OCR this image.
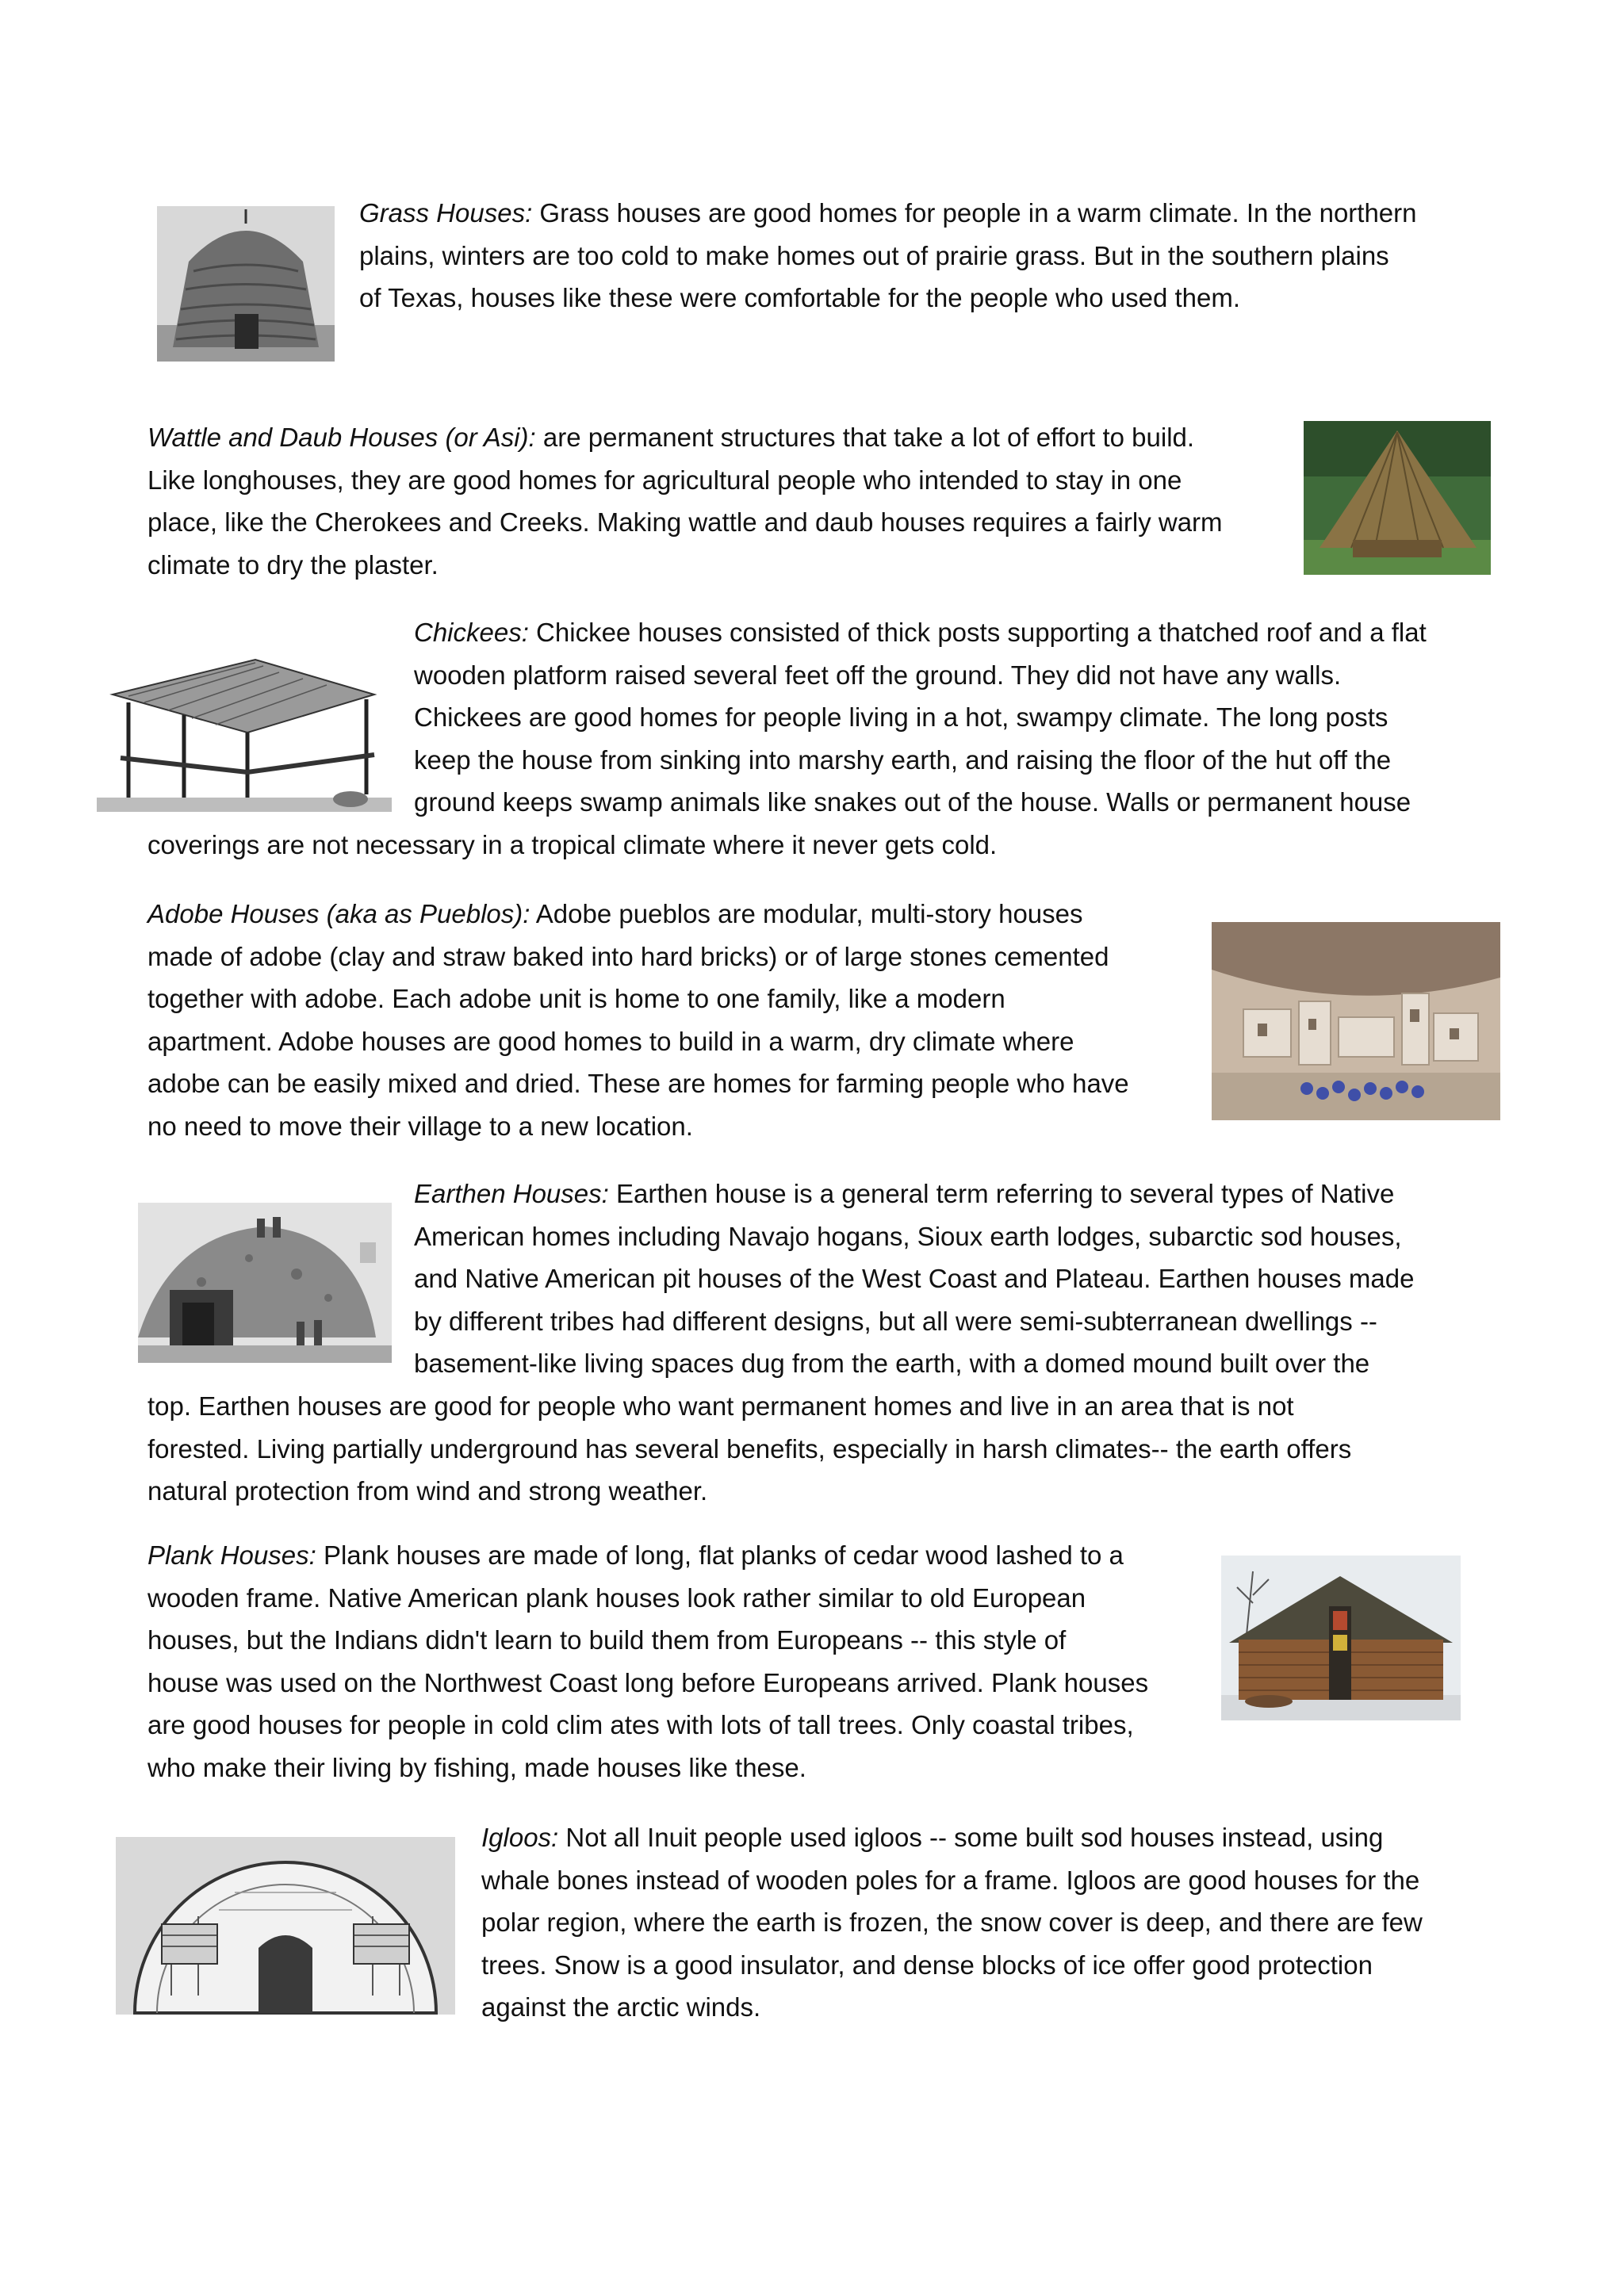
Grass Houses: Grass houses are good homes for people in a warm climate. In the northern
plains, winters are too cold to make homes out of prairie grass. But in the southern plains
of Texas, houses like these were comfortable for the people who used them.

Wattle and Daub Houses (or Asi): are permanent structures that take a lot of effort to build.
Like longhouses, they are good homes for agricultural people who intended to stay in one
place, like the Cherokees and Creeks. Making wattle and daub houses requires a fairly warm
climate to dry the plaster.

Chickees: Chickee houses consisted of thick posts supporting a thatched roof and a flat
wooden platform raised several feet off the ground. They did not have any walls.
Chickees are good homes for people living in a hot, swampy climate. The long posts
keep the house from sinking into marshy earth, and raising the floor of the hut off the
ground keeps swamp animals like snakes out of the house. Walls or permanent house

coverings are not necessary in a tropical climate where it never gets cold.

Adobe Houses (aka as Pueblos): Adobe pueblos are modular, multi-story houses
made of adobe (clay and straw baked into hard bricks) or of large stones cemented
together with adobe. Each adobe unit is home to one family, like a modern
apartment. Adobe houses are good homes to build in a warm, dry climate where
adobe can be easily mixed and dried. These are homes for farming people who have
no need to move their village to a new location.

Earthen Houses: Earthen house is a general term referring to several types of Native
American homes including Navajo hogans, Sioux earth lodges, subarctic sod houses,
and Native American pit houses of the West Coast and Plateau. Earthen houses made
by different tribes had different designs, but all were semi-subterranean dwellings --
basement-like living spaces dug from the earth, with a domed mound built over the

top. Earthen houses are good for people who want permanent homes and live in an area that is not
forested. Living partially underground has several benefits, especially in harsh climates-- the earth offers
natural protection from wind and strong weather.

Plank Houses: Plank houses are made of long, flat planks of cedar wood lashed to a
wooden frame. Native American plank houses look rather similar to old European
houses, but the Indians didn't learn to build them from Europeans -- this style of
house was used on the Northwest Coast long before Europeans arrived. Plank houses
are good houses for people in cold clim ates with lots of tall trees. Only coastal tribes,
who make their living by fishing, made houses like these.

Igloos: Not all Inuit people used igloos -- some built sod houses instead, using
whale bones instead of wooden poles for a frame. Igloos are good houses for the
polar region, where the earth is frozen, the snow cover is deep, and there are few
trees. Snow is a good insulator, and dense blocks of ice offer good protection
against the arctic winds.
